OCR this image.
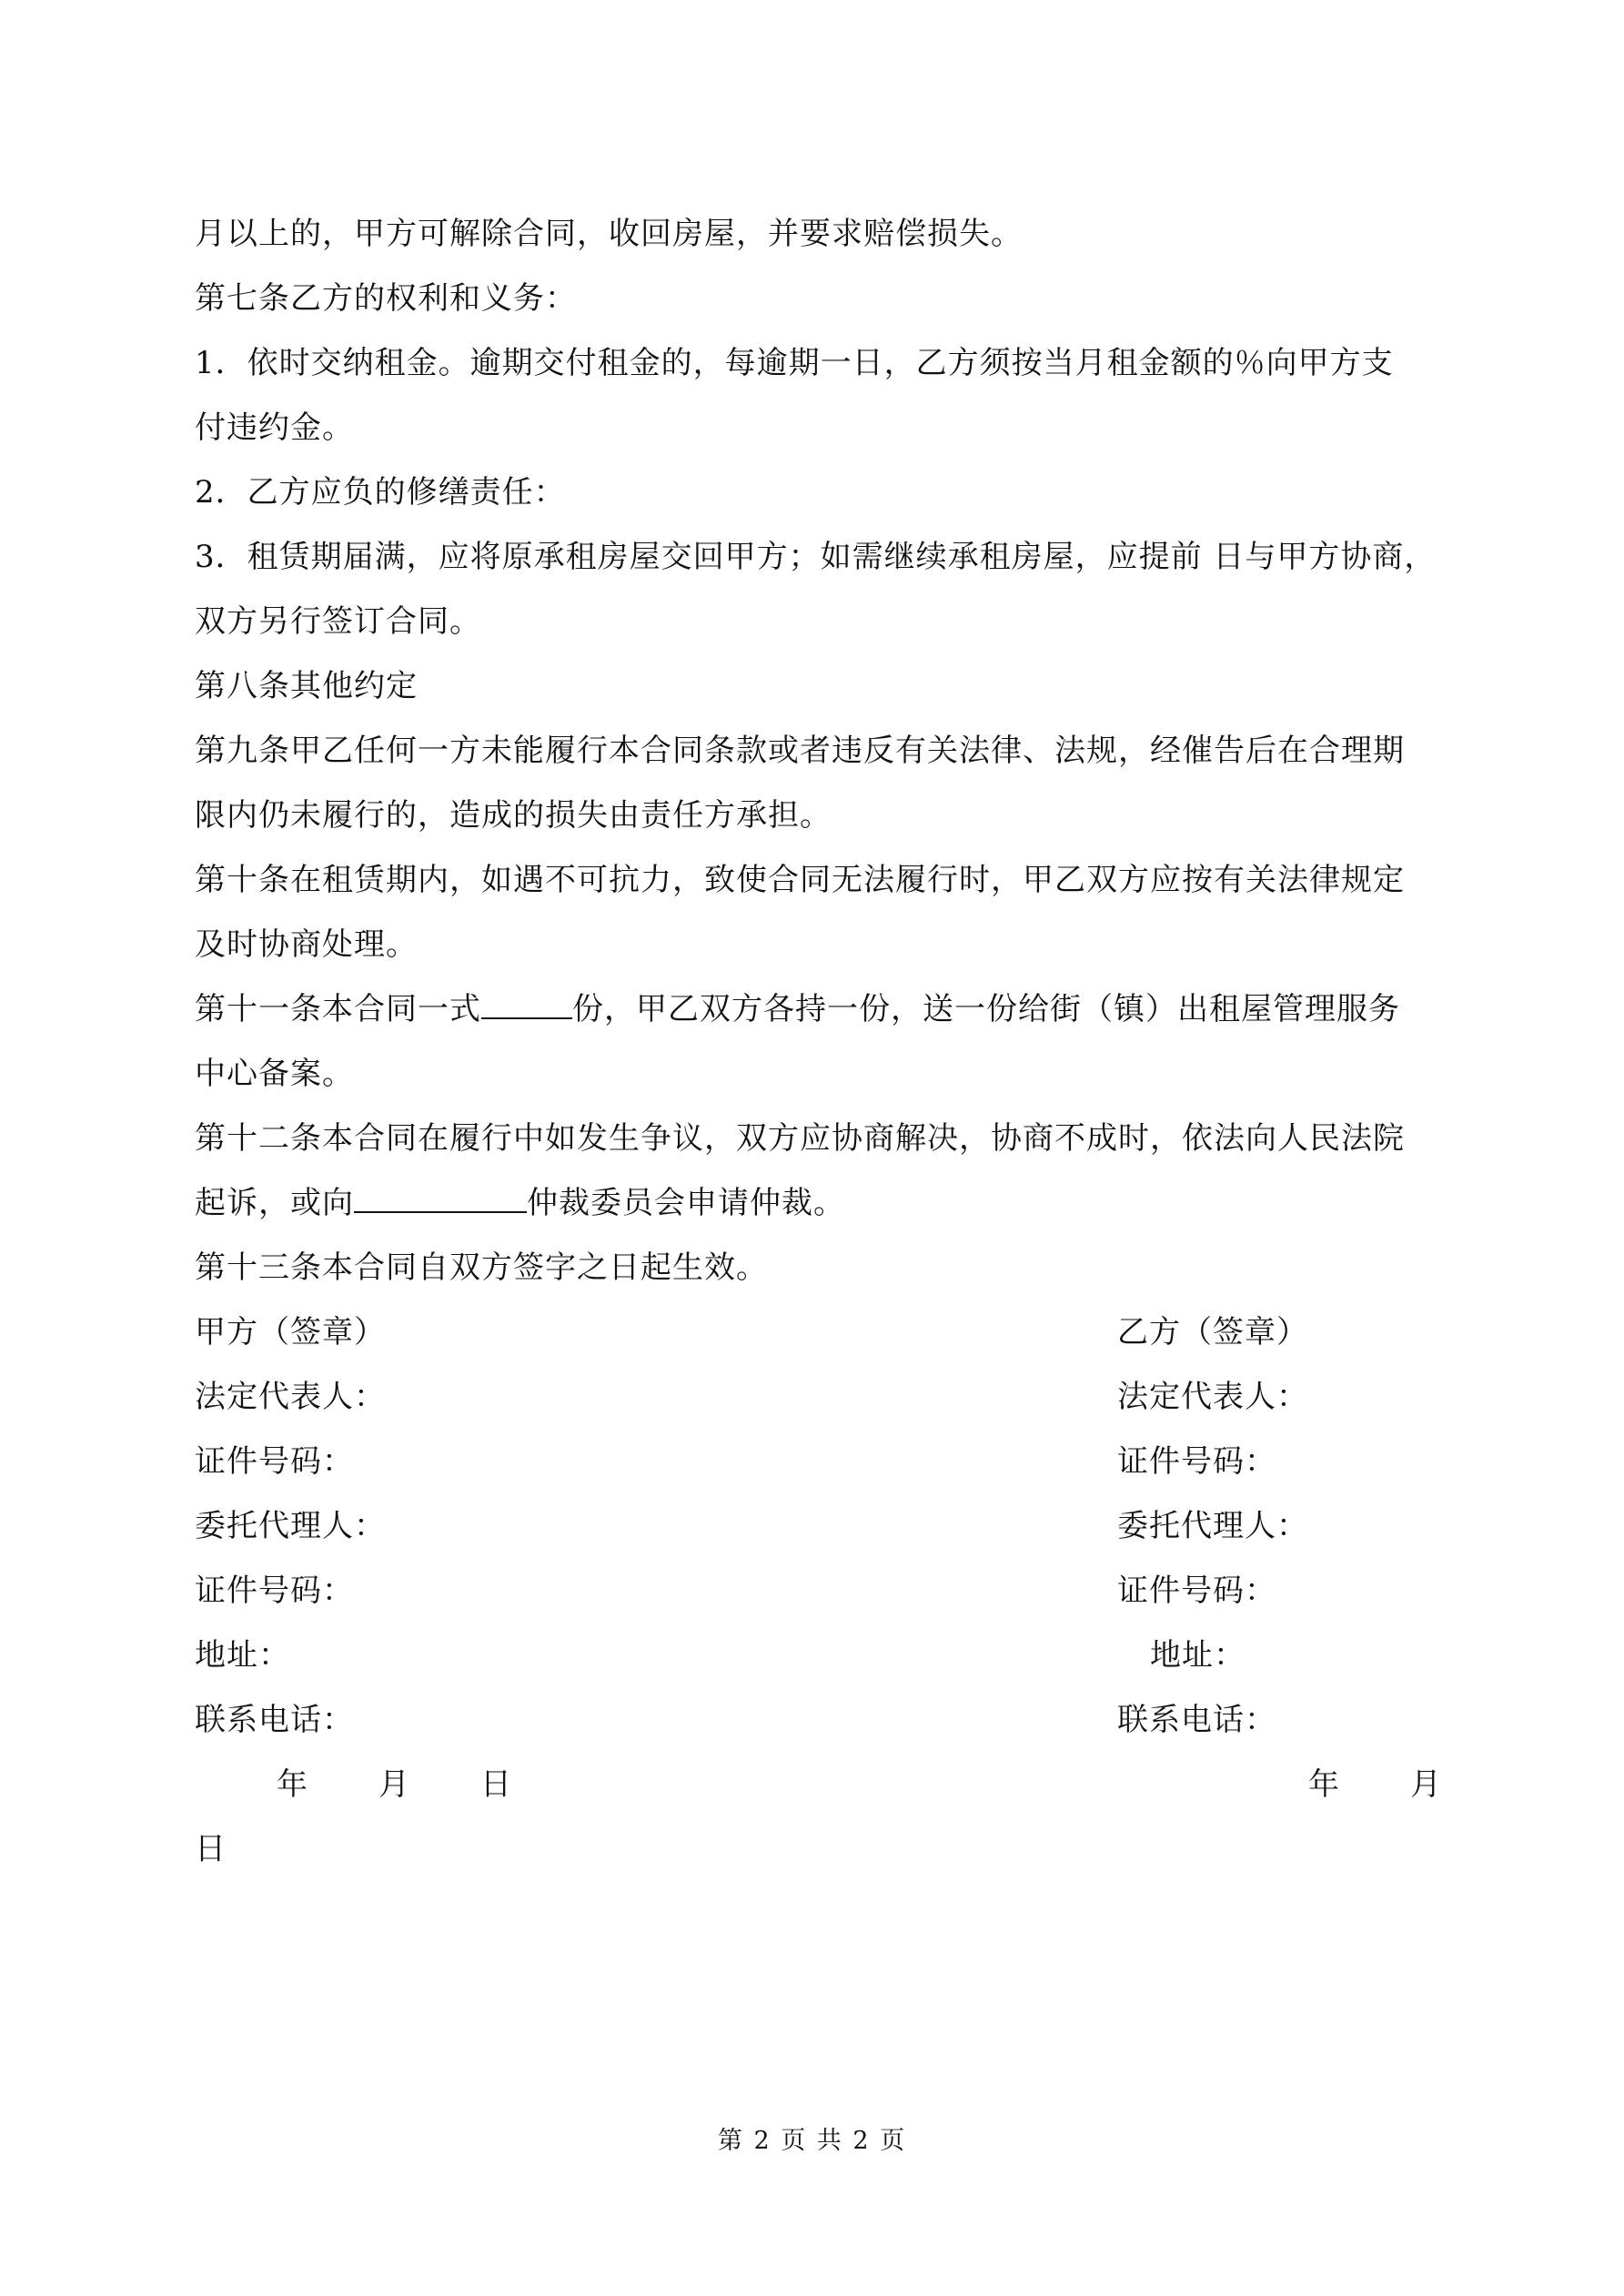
月以上的，甲方可解除合同，收回房屋，并要求赔偿损失。
第七条乙方的权利和义务：
1．依时交纳租金。逾期交付租金的，每逾期一日，乙方须按当月租金额的％向甲方支
付违约金。
2．乙方应负的修缮责任：
3．租赁期届满，应将原承租房屋交回甲方；如需继续承租房屋，应提前 日与甲方协商，
双方另行签订合同。
第八条其他约定
第九条甲乙任何一方未能履行本合同条款或者违反有关法律、法规，经催告后在合理期
限内仍未履行的，造成的损失由责任方承担。
第十条在租赁期内，如遇不可抗力，致使合同无法履行时，甲乙双方应按有关法律规定
及时协商处理。
第十一条本合同一式	份，甲乙双方各持一份，送一份给街（镇）出租屋管理服务
中心备案。
第十二条本合同在履行中如发生争议，双方应协商解决，协商不成时，依法向人民法院
起诉，或向	仲裁委员会申请仲裁。
第十三条本合同自双方签字之日起生效。
甲方（签章）	乙方（签章）
法定代表人：	法定代表人：
证件号码：	证件号码：
委托代理人：	委托代理人：
证件号码：	证件号码：
地址：	地址：
联系电话：	联系电话：
年 月 日	年 月
日
第 2 页 共 2 页
